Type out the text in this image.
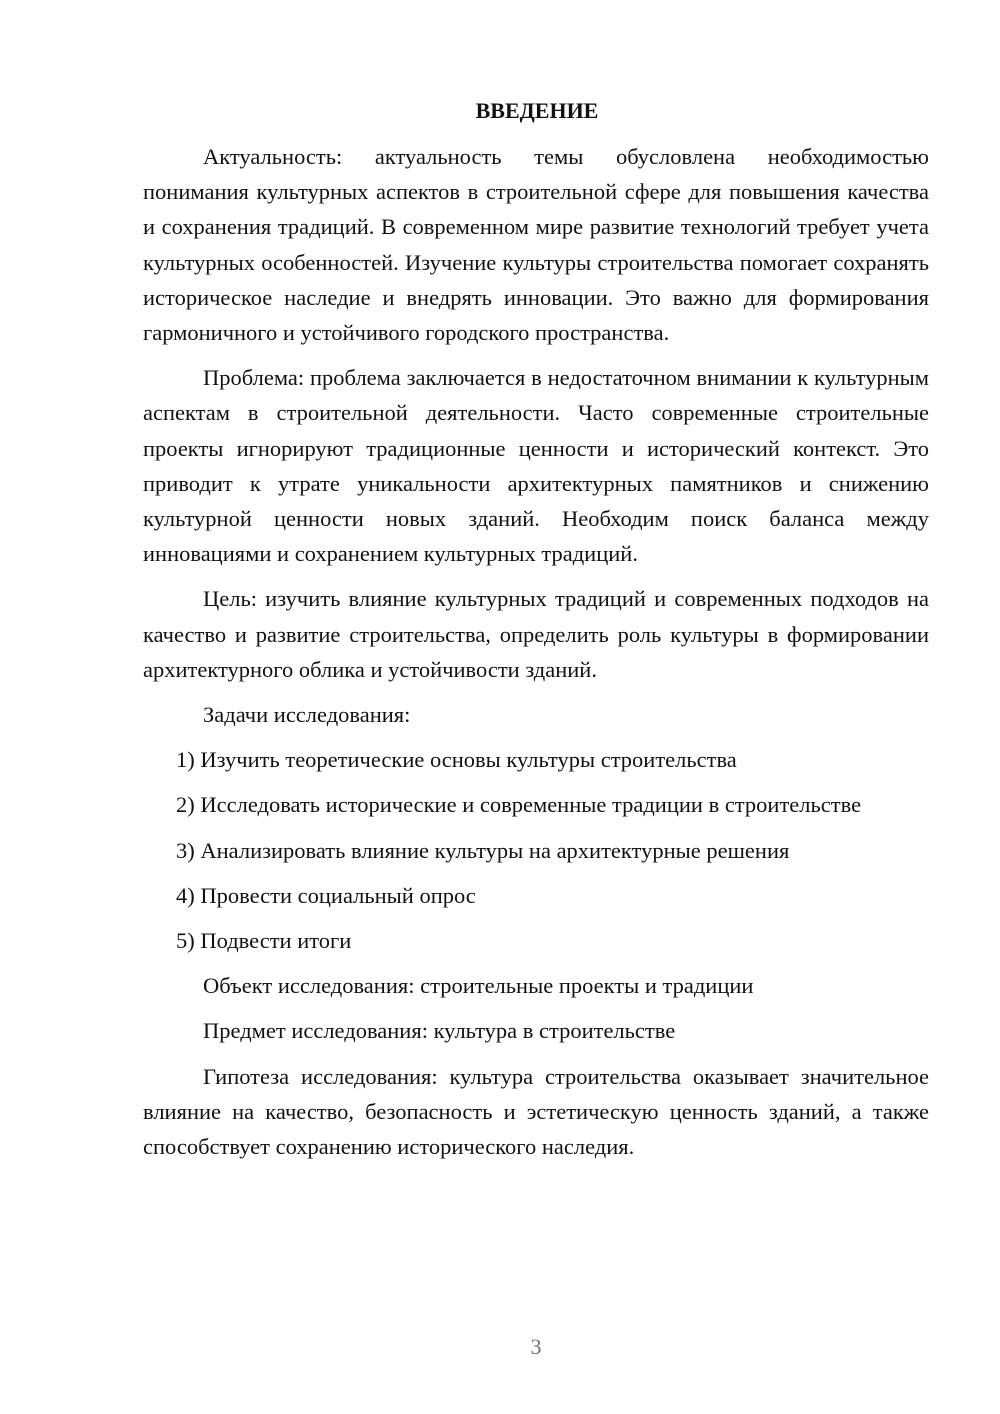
ВВЕДЕНИЕ

Актуальность: актуальность темы обусловлена необходимостью понимания культурных аспектов в строительной сфере для повышения качества и сохранения традиций. В современном мире развитие технологий требует учета культурных особенностей. Изучение культуры строительства помогает сохранять историческое наследие и внедрять инновации. Это важно для формирования гармоничного и устойчивого городского пространства.

Проблема: проблема заключается в недостаточном внимании к культурным аспектам в строительной деятельности. Часто современные строительные проекты игнорируют традиционные ценности и исторический контекст. Это приводит к утрате уникальности архитектурных памятников и снижению культурной ценности новых зданий. Необходим поиск баланса между инновациями и сохранением культурных традиций.

Цель: изучить влияние культурных традиций и современных подходов на качество и развитие строительства, определить роль культуры в формировании архитектурного облика и устойчивости зданий.

Задачи исследования:

1) Изучить теоретические основы культуры строительства
2) Исследовать исторические и современные традиции в строительстве
3) Анализировать влияние культуры на архитектурные решения
4) Провести социальный опрос
5) Подвести итоги

Объект исследования: строительные проекты и традиции

Предмет исследования: культура в строительстве

Гипотеза исследования: культура строительства оказывает значительное влияние на качество, безопасность и эстетическую ценность зданий, а также способствует сохранению исторического наследия.

3
